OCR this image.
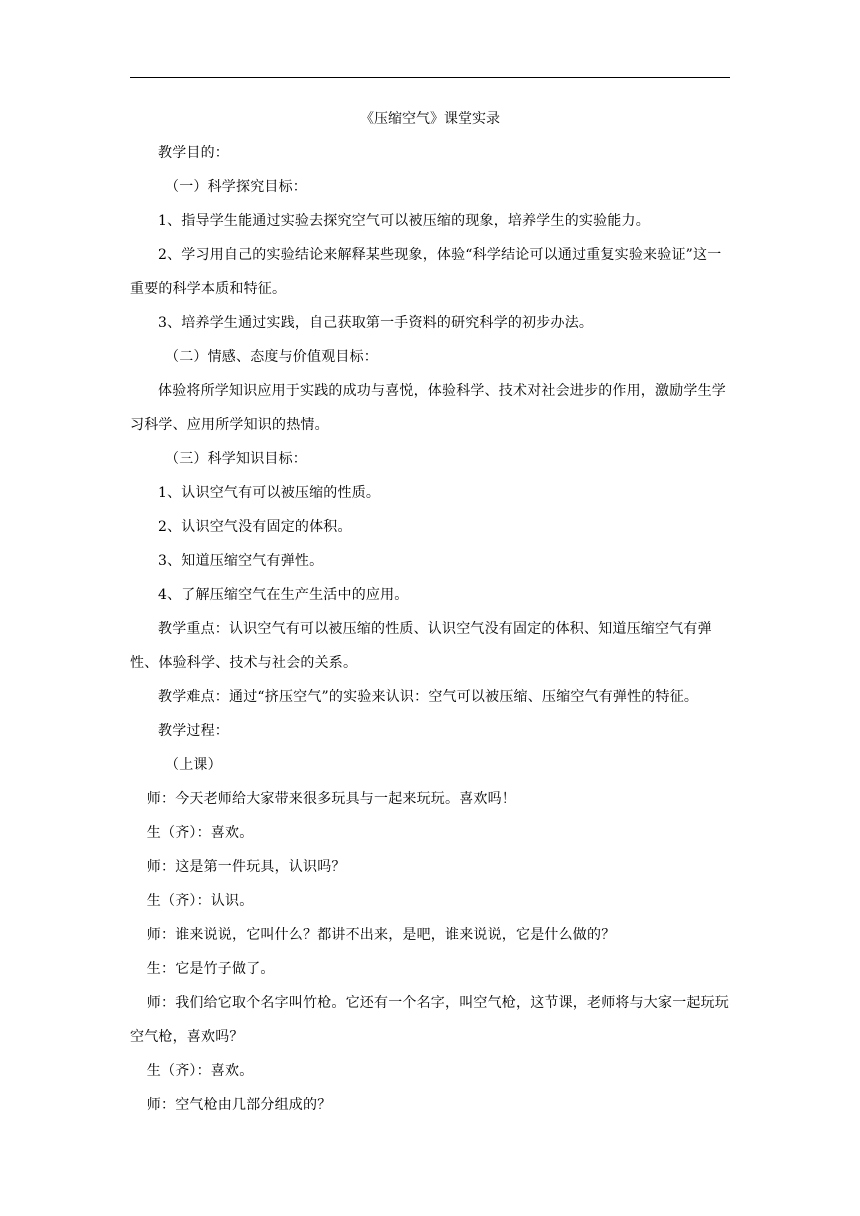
《压缩空气》课堂实录

教学目的：

（一）科学探究目标：

1、指导学生能通过实验去探究空气可以被压缩的现象，培养学生的实验能力。

2、学习用自己的实验结论来解释某些现象，体验“科学结论可以通过重复实验来验证”这一重要的科学本质和特征。

3、培养学生通过实践，自己获取第一手资料的研究科学的初步办法。

（二）情感、态度与价值观目标：

体验将所学知识应用于实践的成功与喜悦，体验科学、技术对社会进步的作用，激励学生学习科学、应用所学知识的热情。

（三）科学知识目标：

1、认识空气有可以被压缩的性质。

2、认识空气没有固定的体积。

3、知道压缩空气有弹性。

4、了解压缩空气在生产生活中的应用。

教学重点：认识空气有可以被压缩的性质、认识空气没有固定的体积、知道压缩空气有弹性、体验科学、技术与社会的关系。

教学难点：通过“挤压空气”的实验来认识：空气可以被压缩、压缩空气有弹性的特征。

教学过程：

（上课）

师：今天老师给大家带来很多玩具与一起来玩玩。喜欢吗！

生（齐）：喜欢。

师：这是第一件玩具，认识吗？

生（齐）：认识。

师：谁来说说，它叫什么？都讲不出来，是吧，谁来说说，它是什么做的？

生：它是竹子做了。

师：我们给它取个名字叫竹枪。它还有一个名字，叫空气枪，这节课，老师将与大家一起玩玩空气枪，喜欢吗？

生（齐）：喜欢。

师：空气枪由几部分组成的？
